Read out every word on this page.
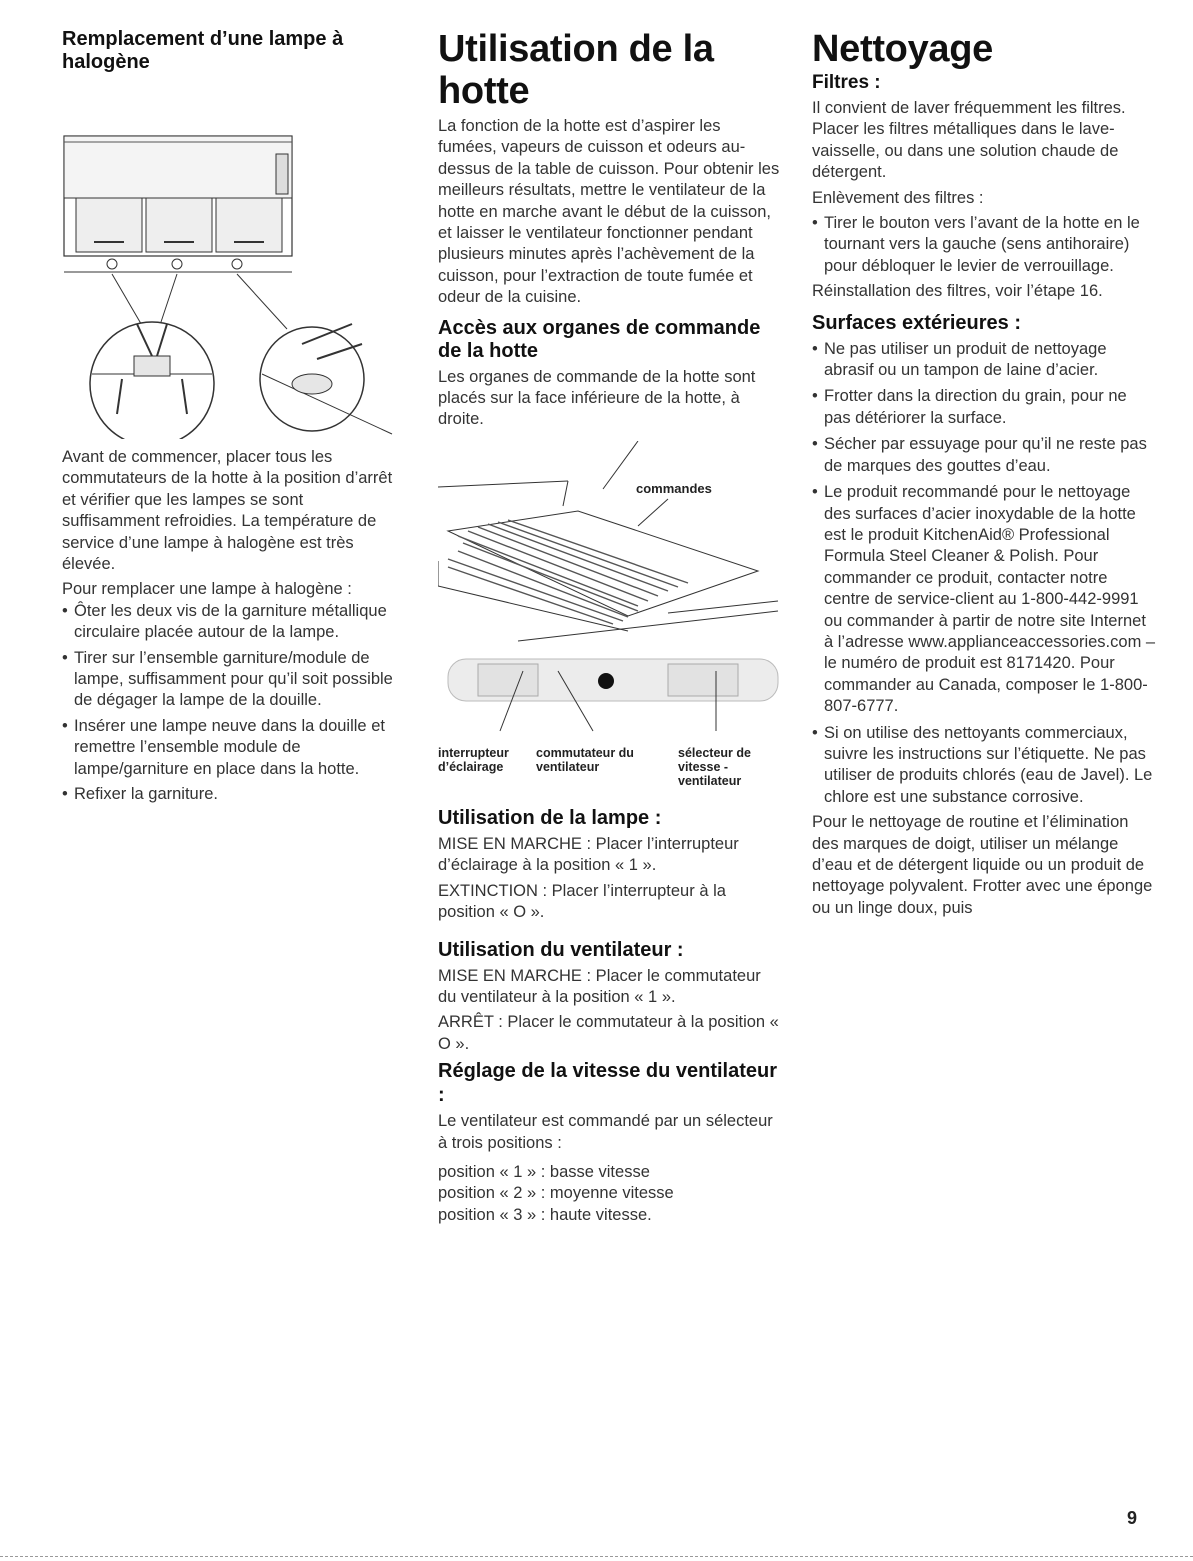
Remplacement d’une lampe à halogène

Avant de commencer, placer tous les commutateurs de la hotte à la position d’arrêt et vérifier que les lampes se sont suffisamment refroidies. La température de service d’une lampe à halogène est très élevée.

Pour remplacer une lampe à halogène :

• Ôter les deux vis de la garniture métallique circulaire placée autour de la lampe.
• Tirer sur l’ensemble garniture/module de lampe, suffisamment pour qu’il soit possible de dégager la lampe de la douille.
• Insérer une lampe neuve dans la douille et remettre l’ensemble module de lampe/garniture en place dans la hotte.
• Refixer la garniture.
Utilisation de la hotte

La fonction de la hotte est d’aspirer les fumées, vapeurs de cuisson et odeurs au-dessus de la table de cuisson. Pour obtenir les meilleurs résultats, mettre le ventilateur de la hotte en marche avant le début de la cuisson, et laisser le ventilateur fonctionner pendant plusieurs minutes après l’achèvement de la cuisson, pour l’extraction de toute fumée et odeur de la cuisine.

Accès aux organes de commande de la hotte

Les organes de commande de la hotte sont placés sur la face inférieure de la hotte, à droite.

commandes
interrupteur d’éclairage
commutateur du ventilateur
sélecteur de vitesse - ventilateur
Utilisation de la lampe :

MISE EN MARCHE : Placer l’interrupteur d’éclairage à la position « 1 ».

EXTINCTION : Placer l’interrupteur à la position « O ».

Utilisation du ventilateur :

MISE EN MARCHE : Placer le commutateur du ventilateur à la position « 1 ».

ARRÊT : Placer le commutateur à la position « O ».

Réglage de la vitesse du ventilateur :

Le ventilateur est commandé par un sélecteur à trois positions :

position « 1 » : basse vitesse
position « 2 » : moyenne vitesse
position « 3 » : haute vitesse.
Nettoyage
Filtres :

Il convient de laver fréquemment les filtres. Placer les filtres métalliques dans le lave-vaisselle, ou dans une solution chaude de détergent.

Enlèvement des filtres :

• Tirer le bouton vers l’avant de la hotte en le tournant vers la gauche (sens antihoraire) pour débloquer le levier de verrouillage.

Réinstallation des filtres, voir l’étape 16.

Surfaces extérieures :
• Ne pas utiliser un produit de nettoyage abrasif ou un tampon de laine d’acier.
• Frotter dans la direction du grain, pour ne pas détériorer la surface.
• Sécher par essuyage pour qu’il ne reste pas de marques des gouttes d’eau.
• Le produit recommandé pour le nettoyage des surfaces d’acier inoxydable de la hotte est le produit KitchenAid® Professional Formula Steel Cleaner & Polish. Pour commander ce produit, contacter notre centre de service-client au 1-800-442-9991 ou commander à partir de notre site Internet à l’adresse www.applianceaccessories.com – le numéro de produit est 8171420. Pour commander au Canada, composer le 1-800-807-6777.
• Si on utilise des nettoyants commerciaux, suivre les instructions sur l’étiquette. Ne pas utiliser de produits chlorés (eau de Javel). Le chlore est une substance corrosive.

Pour le nettoyage de routine et l’élimination des marques de doigt, utiliser un mélange d’eau et de détergent liquide ou un produit de nettoyage polyvalent. Frotter avec une éponge ou un linge doux, puis

9
